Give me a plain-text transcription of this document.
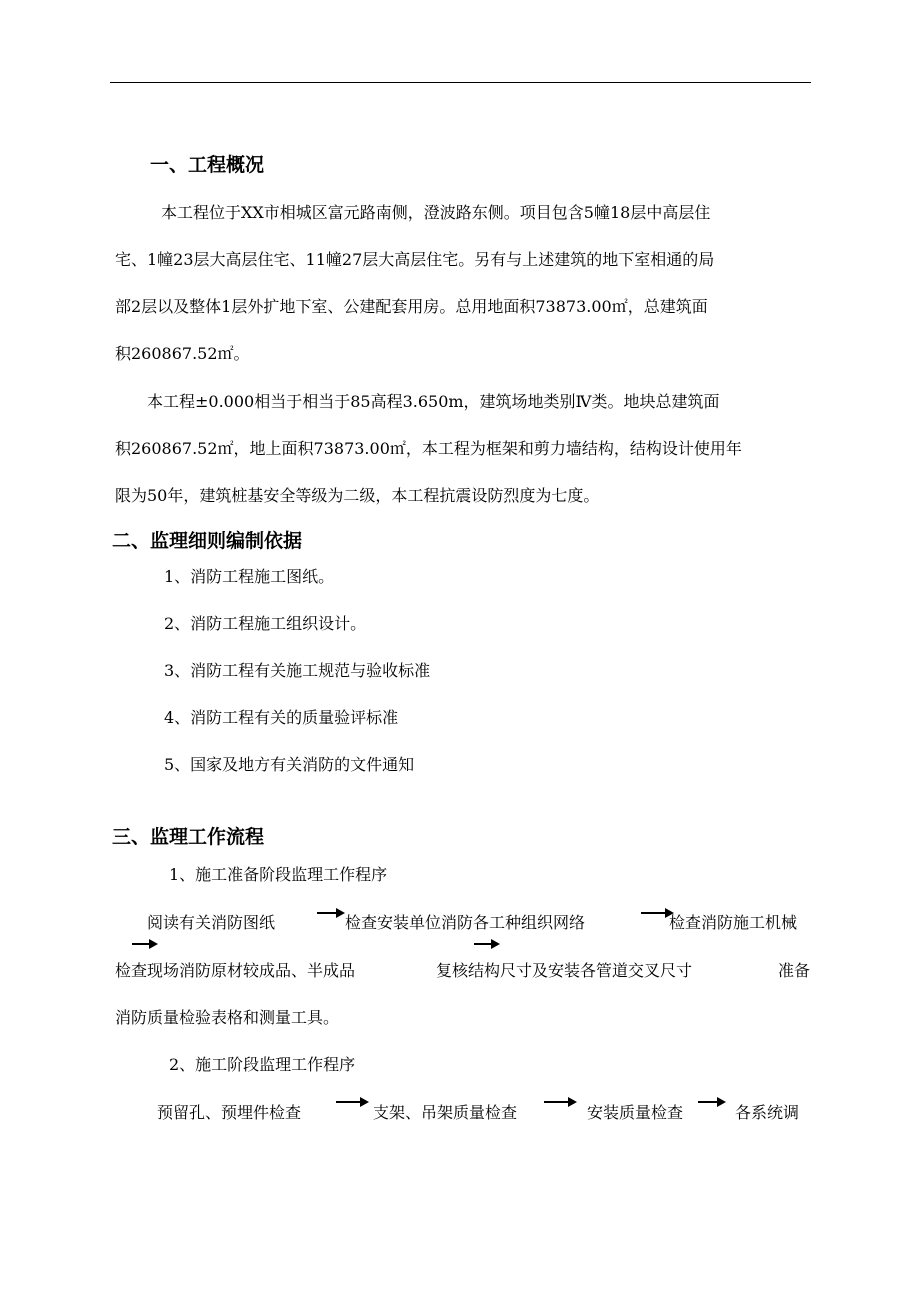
一、工程概况
本工程位于XX市相城区富元路南侧，澄波路东侧。项目包含5幢18层中高层住
宅、1幢23层大高层住宅、11幢27层大高层住宅。另有与上述建筑的地下室相通的局
部2层以及整体1层外扩地下室、公建配套用房。总用地面积73873.00㎡，总建筑面
积260867.52㎡。
本工程±0.000相当于相当于85高程3.650m，建筑场地类别Ⅳ类。地块总建筑面
积260867.52㎡，地上面积73873.00㎡，本工程为框架和剪力墙结构，结构设计使用年
限为50年，建筑桩基安全等级为二级，本工程抗震设防烈度为七度。
二、监理细则编制依据
1、消防工程施工图纸。
2、消防工程施工组织设计。
3、消防工程有关施工规范与验收标准
4、消防工程有关的质量验评标准
5、国家及地方有关消防的文件通知
三、监理工作流程
1、施工准备阶段监理工作程序
阅读有关消防图纸	检查安装单位消防各工种组织网络	检查消防施工机械
检查现场消防原材较成品、半成品	复核结构尺寸及安装各管道交叉尺寸	准备
消防质量检验表格和测量工具。
2、施工阶段监理工作程序
预留孔、预埋件检查	支架、吊架质量检查	安装质量检查	各系统调
